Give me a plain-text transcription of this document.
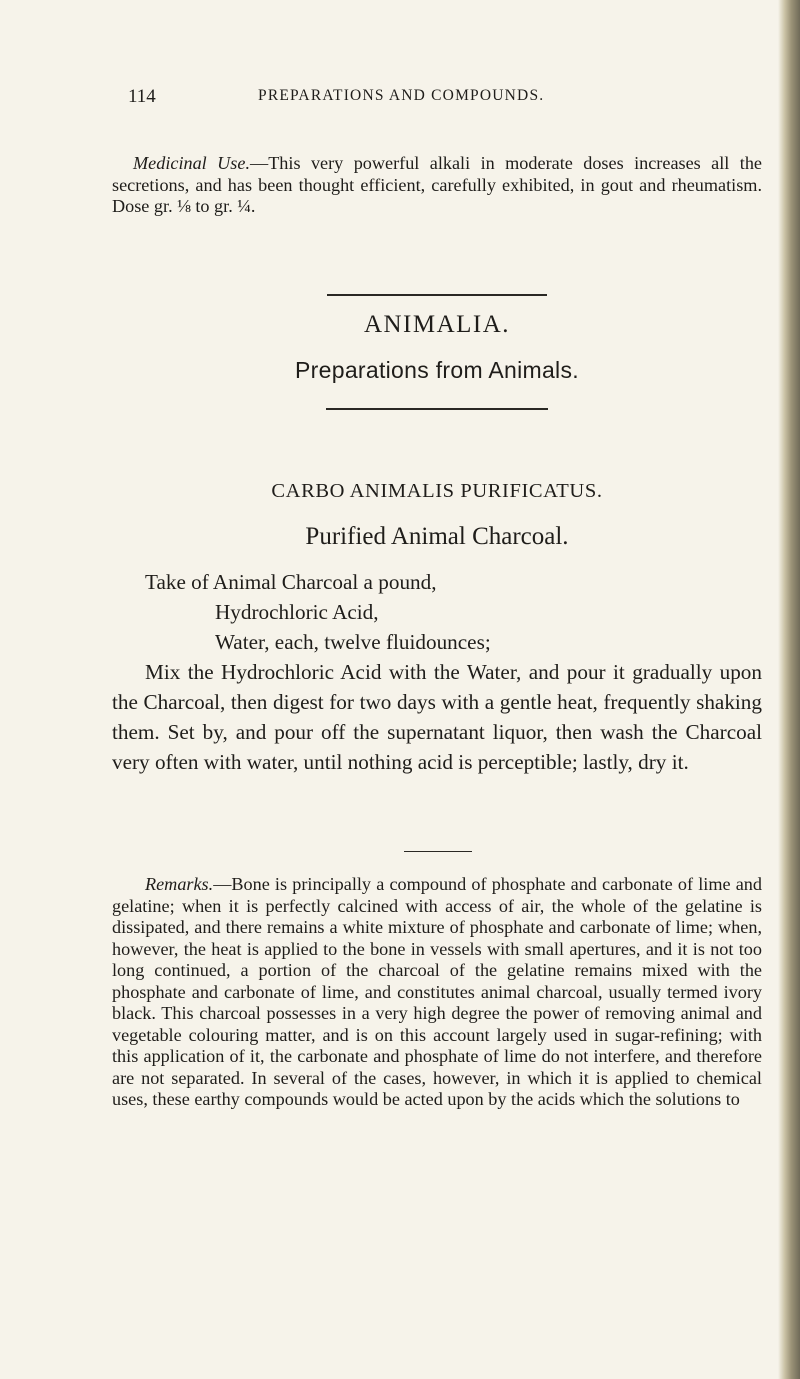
114	PREPARATIONS AND COMPOUNDS.
Medicinal Use.—This very powerful alkali in moderate doses increases all the secretions, and has been thought efficient, carefully exhibited, in gout and rheumatism. Dose gr. ⅛ to gr. ¼.
ANIMALIA.
Preparations from Animals.
CARBO ANIMALIS PURIFICATUS.
Purified Animal Charcoal.
Take of Animal Charcoal a pound,
Hydrochloric Acid,
Water, each, twelve fluidounces;
Mix the Hydrochloric Acid with the Water, and pour it gradually upon the Charcoal, then digest for two days with a gentle heat, frequently shaking them. Set by, and pour off the supernatant liquor, then wash the Charcoal very often with water, until nothing acid is perceptible; lastly, dry it.
Remarks.—Bone is principally a compound of phosphate and carbonate of lime and gelatine; when it is perfectly calcined with access of air, the whole of the gelatine is dissipated, and there remains a white mixture of phosphate and carbonate of lime; when, however, the heat is applied to the bone in vessels with small apertures, and it is not too long continued, a portion of the charcoal of the gelatine remains mixed with the phosphate and carbonate of lime, and constitutes animal charcoal, usually termed ivory black. This charcoal possesses in a very high degree the power of removing animal and vegetable colouring matter, and is on this account largely used in sugar-refining; with this application of it, the carbonate and phosphate of lime do not interfere, and therefore are not separated. In several of the cases, however, in which it is applied to chemical uses, these earthy compounds would be acted upon by the acids which the solutions to
